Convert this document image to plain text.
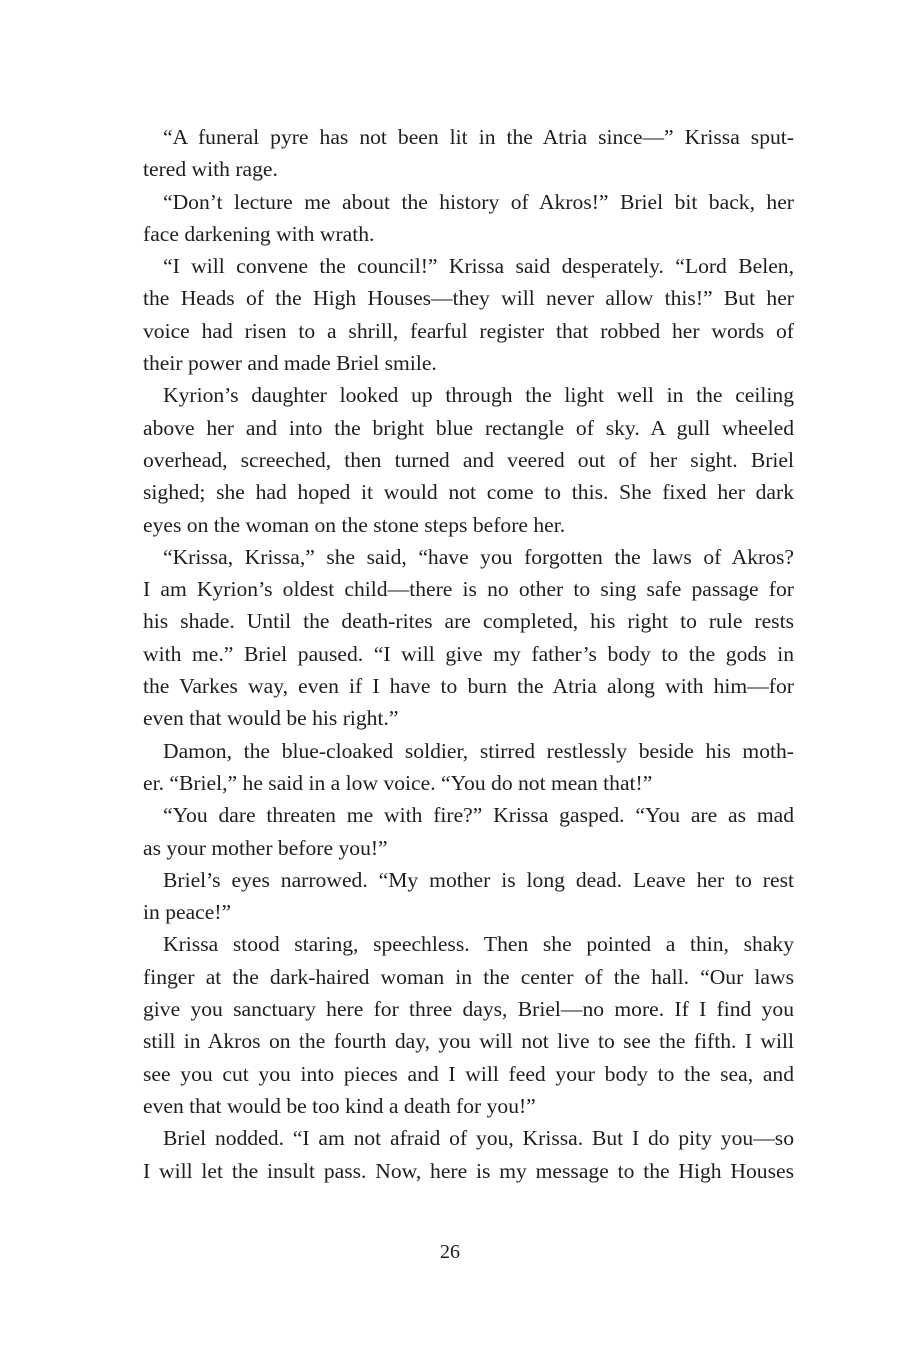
“A funeral pyre has not been lit in the Atria since—” Krissa sput-
tered with rage.
“Don’t lecture me about the history of Akros!” Briel bit back, her
face darkening with wrath.
“I will convene the council!” Krissa said desperately. “Lord Belen,
the Heads of the High Houses—they will never allow this!” But her
voice had risen to a shrill, fearful register that robbed her words of
their power and made Briel smile.
Kyrion’s daughter looked up through the light well in the ceiling
above her and into the bright blue rectangle of sky. A gull wheeled
overhead, screeched, then turned and veered out of her sight. Briel
sighed; she had hoped it would not come to this. She fixed her dark
eyes on the woman on the stone steps before her.
“Krissa, Krissa,” she said, “have you forgotten the laws of Akros?
I am Kyrion’s oldest child—there is no other to sing safe passage for
his shade. Until the death-rites are completed, his right to rule rests
with me.” Briel paused. “I will give my father’s body to the gods in
the Varkes way, even if I have to burn the Atria along with him—for
even that would be his right.”
Damon, the blue-cloaked soldier, stirred restlessly beside his moth-
er. “Briel,” he said in a low voice. “You do not mean that!”
“You dare threaten me with fire?” Krissa gasped. “You are as mad
as your mother before you!”
Briel’s eyes narrowed. “My mother is long dead. Leave her to rest
in peace!”
Krissa stood staring, speechless. Then she pointed a thin, shaky
finger at the dark-haired woman in the center of the hall. “Our laws
give you sanctuary here for three days, Briel—no more. If I find you
still in Akros on the fourth day, you will not live to see the fifth. I will
see you cut you into pieces and I will feed your body to the sea, and
even that would be too kind a death for you!”
Briel nodded. “I am not afraid of you, Krissa. But I do pity you—so
I will let the insult pass. Now, here is my message to the High Houses
26
